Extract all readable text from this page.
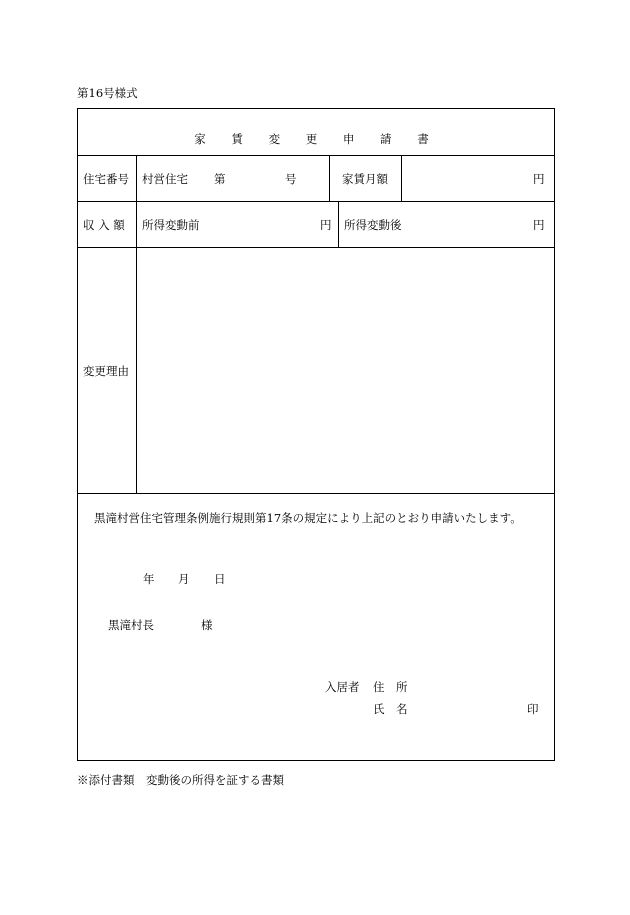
第16号様式
家 賃 変 更 申 請 書
住宅番号 村営住宅 第	号	家賃月額	円
収 入 額 所得変動前	円 所得変動後	円
変更理由
黒滝村営住宅管理条例施行規則第17条の規定により上記のとおり申請いたします。
年 月 日
黒滝村長	様
入居者 住　所
氏　名	印
※添付書類　変動後の所得を証する書類
